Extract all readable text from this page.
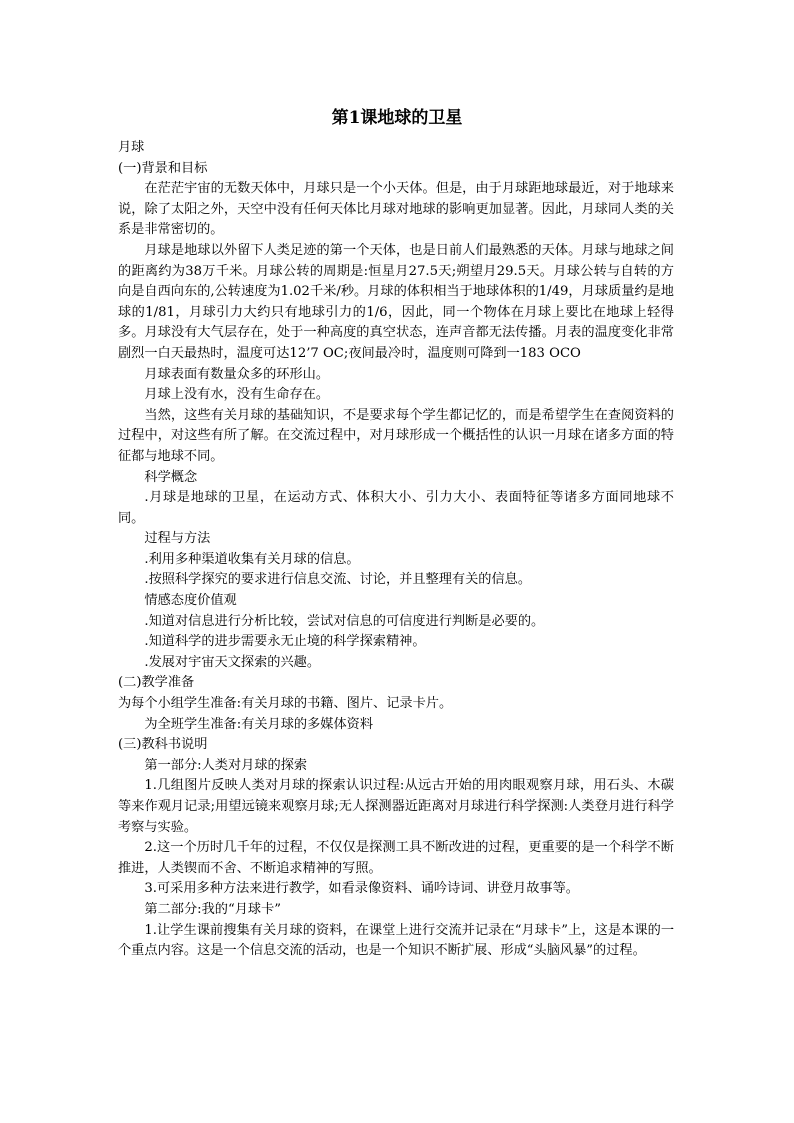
第1课地球的卫星

月球

(一)背景和目标

在茫茫宇宙的无数天体中，月球只是一个小天体。但是，由于月球距地球最近，对于地球来说，除了太阳之外，天空中没有任何天体比月球对地球的影响更加显著。因此，月球同人类的关系是非常密切的。

月球是地球以外留下人类足迹的第一个天体，也是日前人们最熟悉的天体。月球与地球之间的距离约为38万千米。月球公转的周期是:恒星月27.5天;朔望月29.5天。月球公转与自转的方向是自西向东的,公转速度为1.02千米/秒。月球的体积相当于地球体积的1/49，月球质量约是地球的1/81，月球引力大约只有地球引力的1/6，因此，同一个物体在月球上要比在地球上轻得多。月球没有大气层存在，处于一种高度的真空状态，连声音都无法传播。月表的温度变化非常剧烈一白天最热时，温度可达12’7 OC;夜间最冷时，温度则可降到一183 OCO

月球表面有数量众多的环形山。

月球上没有水，没有生命存在。

当然，这些有关月球的基础知识，不是要求每个学生都记忆的，而是希望学生在查阅资料的过程中，对这些有所了解。在交流过程中，对月球形成一个概括性的认识一月球在诸多方面的特征都与地球不同。

科学概念

.月球是地球的卫星，在运动方式、体积大小、引力大小、表面特征等诸多方面同地球不同。

过程与方法

.利用多种渠道收集有关月球的信息。

.按照科学探究的要求进行信息交流、讨论，并且整理有关的信息。

情感态度价值观

.知道对信息进行分析比较，尝试对信息的可信度进行判断是必要的。

.知道科学的进步需要永无止境的科学探索精神。

.发展对宇宙天文探索的兴趣。

(二)教学准备

为每个小组学生准备:有关月球的书籍、图片、记录卡片。

为全班学生准备:有关月球的多媒体资料

(三)教科书说明

第一部分:人类对月球的探索

1.几组图片反映人类对月球的探索认识过程:从远古开始的用肉眼观察月球，用石头、木碳等来作观月记录;用望远镜来观察月球;无人探测器近距离对月球进行科学探测:人类登月进行科学考察与实验。

2.这一个历时几千年的过程，不仅仅是探测工具不断改进的过程，更重要的是一个科学不断推进，人类锲而不舍、不断追求精神的写照。

3.可采用多种方法来进行教学，如看录像资料、诵吟诗词、讲登月故事等。

第二部分:我的“月球卡”

1.让学生课前搜集有关月球的资料，在课堂上进行交流并记录在“月球卡”上，这是本课的一个重点内容。这是一个信息交流的活动，也是一个知识不断扩展、形成“头脑风暴”的过程。
